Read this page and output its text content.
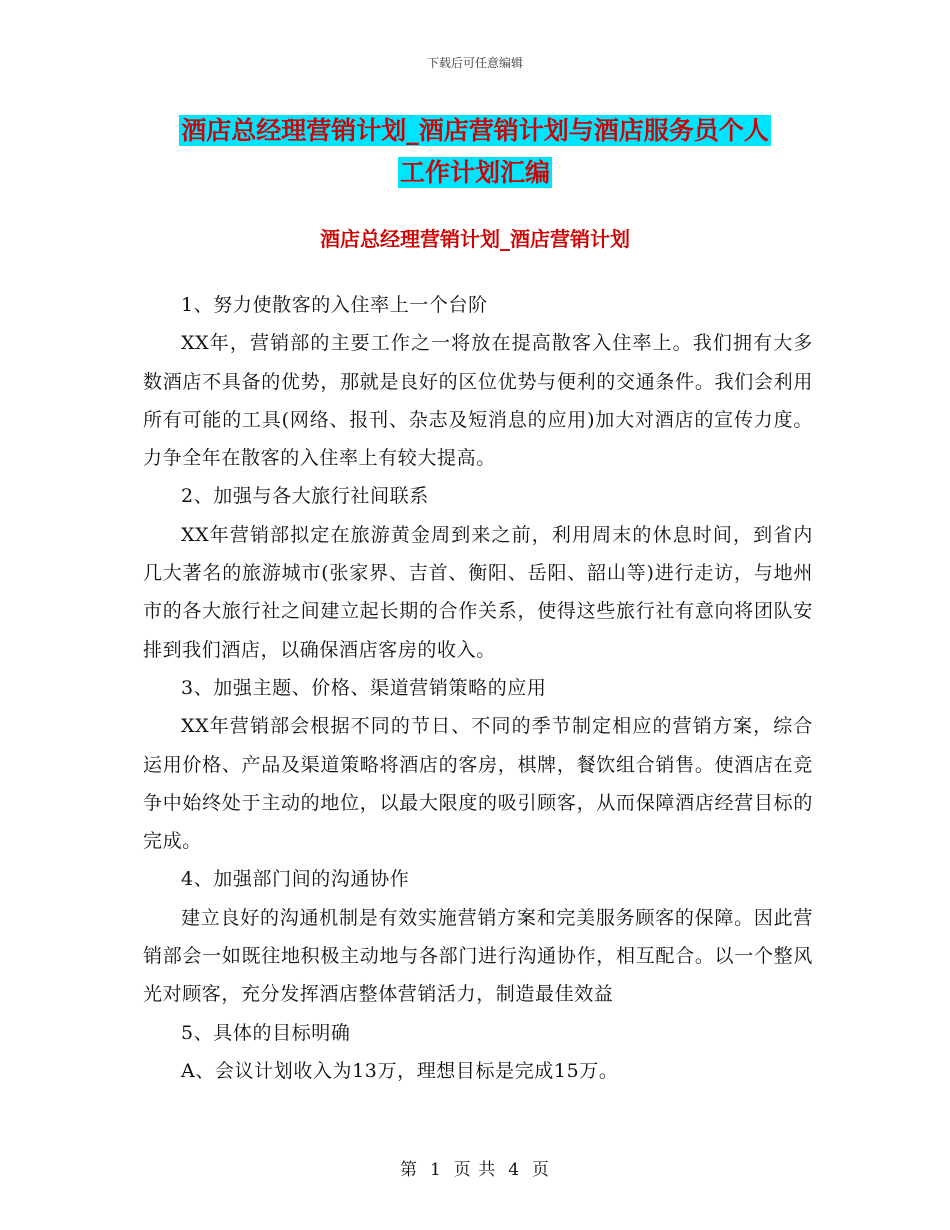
下载后可任意编辑
酒店总经理营销计划_酒店营销计划与酒店服务员个人
工作计划汇编
酒店总经理营销计划_酒店营销计划

1、努力使散客的入住率上一个台阶

XX年，营销部的主要工作之一将放在提高散客入住率上。我们拥有大多数酒店不具备的优势，那就是良好的区位优势与便利的交通条件。我们会利用所有可能的工具(网络、报刊、杂志及短消息的应用)加大对酒店的宣传力度。力争全年在散客的入住率上有较大提高。

2、加强与各大旅行社间联系

XX年营销部拟定在旅游黄金周到来之前，利用周末的休息时间，到省内几大著名的旅游城市(张家界、吉首、衡阳、岳阳、韶山等)进行走访，与地州市的各大旅行社之间建立起长期的合作关系，使得这些旅行社有意向将团队安排到我们酒店，以确保酒店客房的收入。

3、加强主题、价格、渠道营销策略的应用

XX年营销部会根据不同的节日、不同的季节制定相应的营销方案，综合运用价格、产品及渠道策略将酒店的客房，棋牌，餐饮组合销售。使酒店在竞争中始终处于主动的地位，以最大限度的吸引顾客，从而保障酒店经营目标的完成。

4、加强部门间的沟通协作

建立良好的沟通机制是有效实施营销方案和完美服务顾客的保障。因此营销部会一如既往地积极主动地与各部门进行沟通协作，相互配合。以一个整风光对顾客，充分发挥酒店整体营销活力，制造最佳效益

5、具体的目标明确

A、会议计划收入为13万，理想目标是完成15万。

第 1 页 共 4 页
